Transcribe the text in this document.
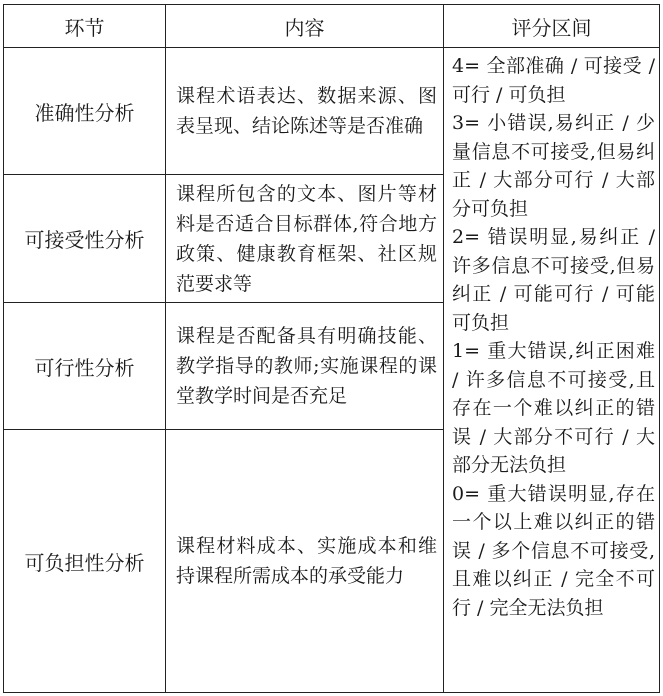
环节	内容	评分区间
准确性分析	课程术语表达、数据来源、图表呈现、结论陈述等是否准确	4= 全部准确 / 可接受 / 可行 / 可负担
3= 小错误,易纠正 / 少量信息不可接受,但易纠正 / 大部分可行 / 大部分可负担
2= 错误明显,易纠正 / 许多信息不可接受,但易纠正 / 可能可行 / 可能可负担
1= 重大错误,纠正困难 / 许多信息不可接受,且存在一个难以纠正的错误 / 大部分不可行 / 大部分无法负担
0= 重大错误明显,存在一个以上难以纠正的错误 / 多个信息不可接受,且难以纠正 / 完全不可行 / 完全无法负担

可接受性分析	课程所包含的文本、图片等材料是否适合目标群体,符合地方政策、健康教育框架、社区规范要求等	
可行性分析	课程是否配备具有明确技能、教学指导的教师;实施课程的课堂教学时间是否充足	
可负担性分析	课程材料成本、实施成本和维持课程所需成本的承受能力	
